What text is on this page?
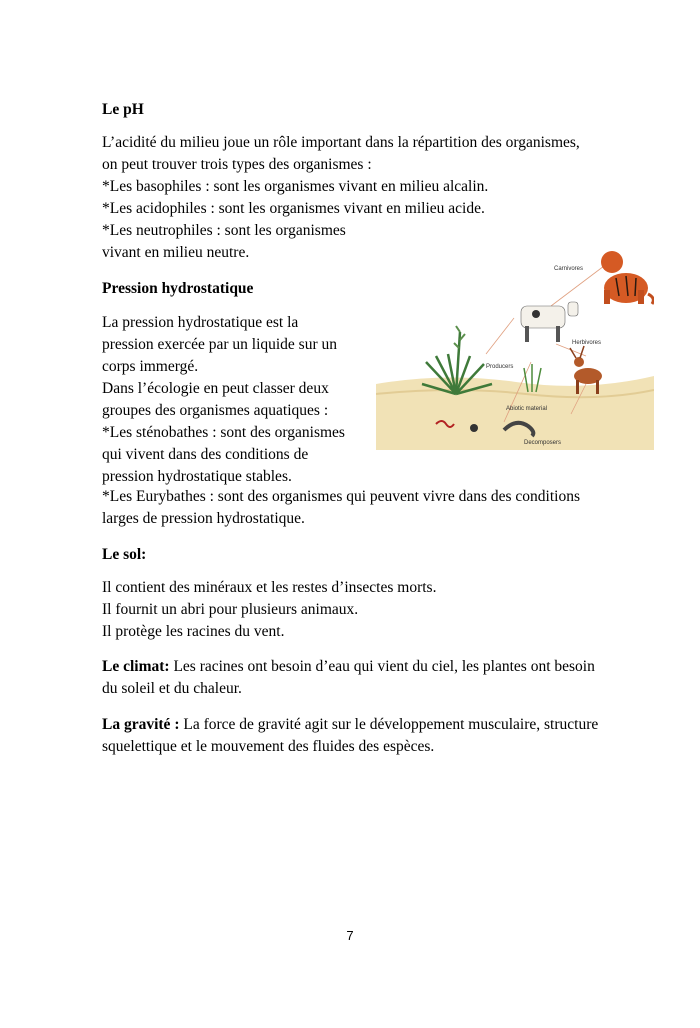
Le pH
L’acidité du milieu joue un rôle important dans la répartition des organismes,
on peut trouver trois types des organismes :
*Les basophiles : sont les organismes vivant en milieu alcalin.
*Les acidophiles : sont les organismes vivant en milieu acide.
*Les neutrophiles : sont les organismes
vivant en milieu neutre.
Pression hydrostatique
La pression hydrostatique est la
pression exercée par un liquide sur un
corps immergé.
Dans l’écologie en peut classer deux
groupes des organismes aquatiques :
*Les sténobathes : sont des organismes
qui vivent dans des conditions de
pression hydrostatique stables.
*Les Eurybathes : sont des organismes qui peuvent vivre dans des conditions
larges de pression hydrostatique.
Le sol:
Il contient des minéraux et les restes d’insectes morts.
Il fournit un abri pour plusieurs animaux.
Il protège les racines du vent.
Le climat: Les racines ont besoin d’eau qui vient du ciel, les plantes ont besoin
du soleil et du chaleur.
La gravité : La force de gravité agit sur le développement musculaire, structure
squelettique et le mouvement des fluides des espèces.
Carnivores
Herbivores
Producers
Abiotic material
Decomposers
7
